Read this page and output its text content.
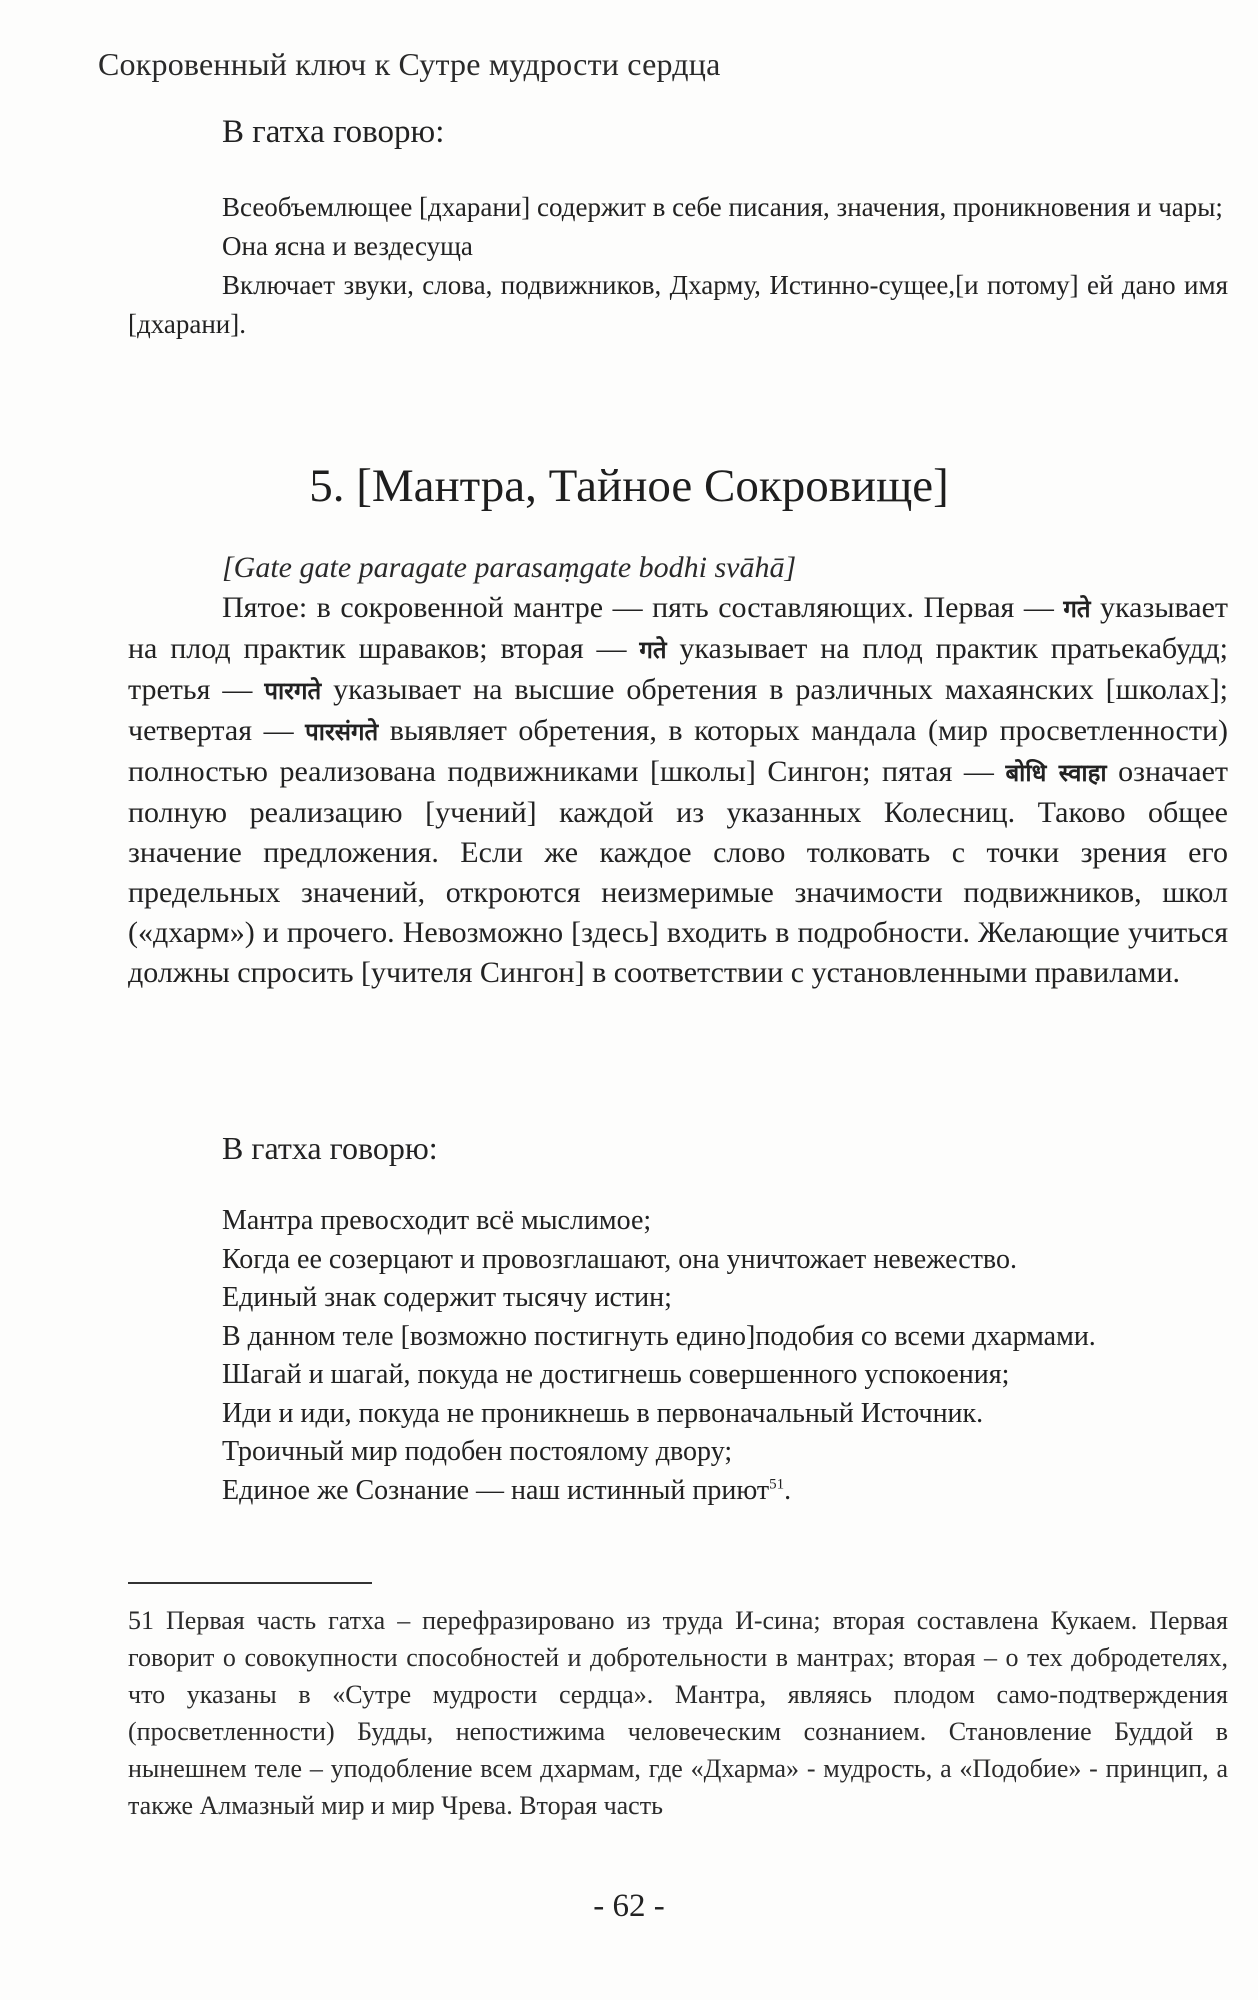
Сокровенный ключ к Сутре мудрости сердца
В гатха говорю:

Всеобъемлющее [дхарани] содержит в себе писания, значения, проникновения и чары;

Она ясна и вездесуща

Включает звуки, слова, подвижников, Дхарму, Истинно-сущее,[и потому] ей дано имя [дхарани].

5. [Мантра, Тайное Сокровище]
[Gate gate paragate parasaṃgate bodhi svāhā]

Пятое: в сокровенной мантре — пять составляющих. Первая — गते указывает на плод практик шраваков; вторая — गते указывает на плод практик пратьекабудд; третья — पारगते указывает на высшие обретения в различных махаянских [школах]; четвертая — पारसंगते выявляет обретения, в которых мандала (мир просветленности) полностью реализована подвижниками [школы] Сингон; пятая — बोधि स्वाहा означает полную реализацию [учений] каждой из указанных Колесниц. Таково общее значение предложения. Если же каждое слово толковать с точки зрения его предельных значений, откроются неизмеримые значимости подвижников, школ («дхарм») и прочего. Невозможно [здесь] входить в подробности. Желающие учиться должны спросить [учителя Сингон] в соответствии с установленными правилами.

В гатха говорю:

Мантра превосходит всё мыслимое;

Когда ее созерцают и провозглашают, она уничтожает невежество.

Единый знак содержит тысячу истин;

В данном теле [возможно постигнуть едино]подобия со всеми дхармами.

Шагай и шагай, покуда не достигнешь совершенного успокоения;

Иди и иди, покуда не проникнешь в первоначальный Источник.

Троичный мир подобен постоялому двору;

Единое же Сознание — наш истинный приют$^{51}$.

51 Первая часть гатха – перефразировано из труда И-сина; вторая составлена Кукаем. Первая говорит о совокупности способностей и добротельности в мантрах; вторая – о тех добродетелях, что указаны в «Сутре мудрости сердца». Мантра, являясь плодом само-подтверждения (просветленности) Будды, непостижима человеческим сознанием. Становление Буддой в нынешнем теле – уподобление всем дхармам, где «Дхарма» - мудрость, а «Подобие» - принцип, а также Алмазный мир и мир Чрева. Вторая часть
- 62 -
